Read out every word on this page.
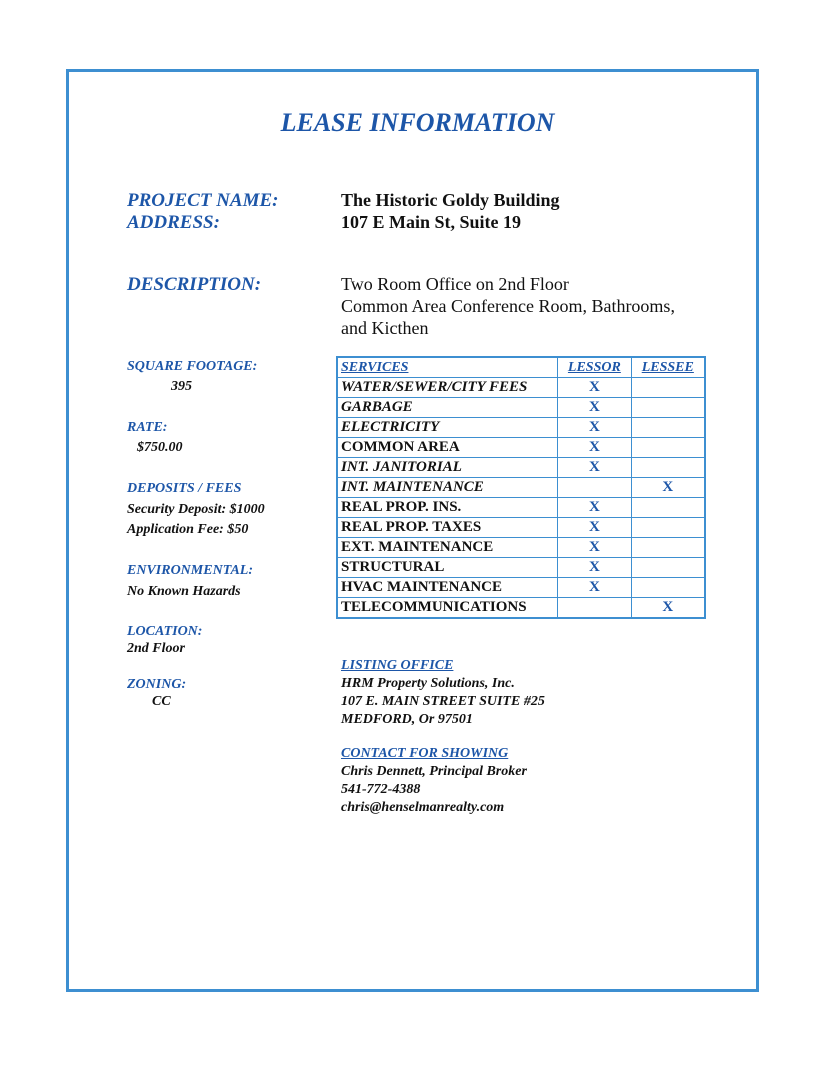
LEASE INFORMATION
PROJECT NAME:	The Historic Goldy Building
ADDRESS:	107 E Main St, Suite 19
DESCRIPTION:	Two Room Office on 2nd Floor
Common Area Conference Room, Bathrooms,
and Kicthen
SQUARE FOOTAGE:
395
RATE:
$750.00
DEPOSITS / FEES
Security Deposit: $1000
Application Fee: $50
ENVIRONMENTAL:
No Known Hazards
LOCATION:
2nd Floor
ZONING:
CC
SERVICES	LESSOR	LESSEE
WATER/SEWER/CITY FEES	X	
GARBAGE	X	
ELECTRICITY	X	
COMMON AREA	X	
INT. JANITORIAL	X	
INT. MAINTENANCE		X
REAL PROP. INS.	X	
REAL PROP. TAXES	X	
EXT. MAINTENANCE	X	
STRUCTURAL	X	
HVAC MAINTENANCE	X	
TELECOMMUNICATIONS		X
LISTING OFFICE
HRM Property Solutions, Inc.
107 E. MAIN STREET SUITE #25
MEDFORD, Or 97501
CONTACT FOR SHOWING
Chris Dennett, Principal Broker
541-772-4388
chris@henselmanrealty.com
